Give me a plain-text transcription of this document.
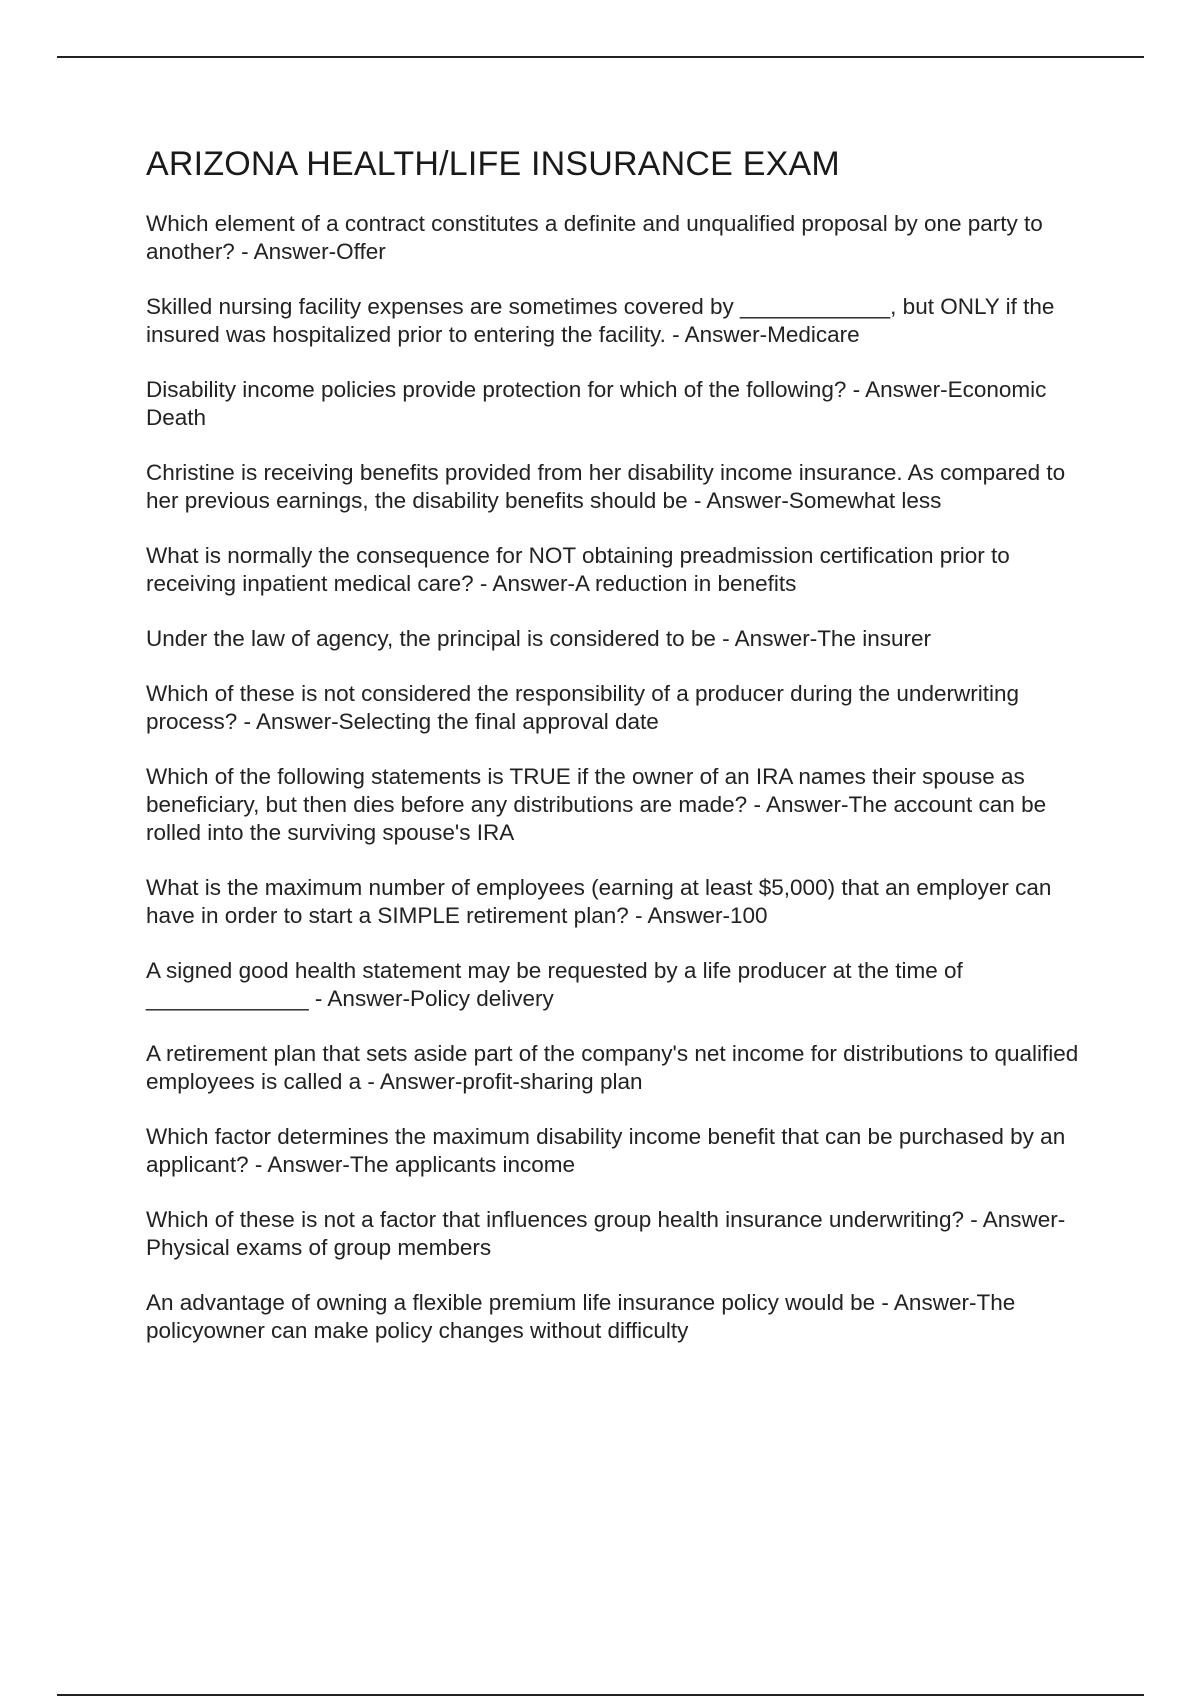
ARIZONA HEALTH/LIFE INSURANCE EXAM
Which element of a contract constitutes a definite and unqualified proposal by one party to another? - Answer-Offer
Skilled nursing facility expenses are sometimes covered by ____________, but ONLY if the insured was hospitalized prior to entering the facility. - Answer-Medicare
Disability income policies provide protection for which of the following? - Answer-Economic Death
Christine is receiving benefits provided from her disability income insurance. As compared to her previous earnings, the disability benefits should be - Answer-Somewhat less
What is normally the consequence for NOT obtaining preadmission certification prior to receiving inpatient medical care? - Answer-A reduction in benefits
Under the law of agency, the principal is considered to be - Answer-The insurer
Which of these is not considered the responsibility of a producer during the underwriting process? - Answer-Selecting the final approval date
Which of the following statements is TRUE if the owner of an IRA names their spouse as beneficiary, but then dies before any distributions are made? - Answer-The account can be rolled into the surviving spouse's IRA
What is the maximum number of employees (earning at least $5,000) that an employer can have in order to start a SIMPLE retirement plan? - Answer-100
A signed good health statement may be requested by a life producer at the time of _____________ - Answer-Policy delivery
A retirement plan that sets aside part of the company's net income for distributions to qualified employees is called a - Answer-profit-sharing plan
Which factor determines the maximum disability income benefit that can be purchased by an applicant? - Answer-The applicants income
Which of these is not a factor that influences group health insurance underwriting? - Answer-Physical exams of group members
An advantage of owning a flexible premium life insurance policy would be - Answer-The policyowner can make policy changes without difficulty
